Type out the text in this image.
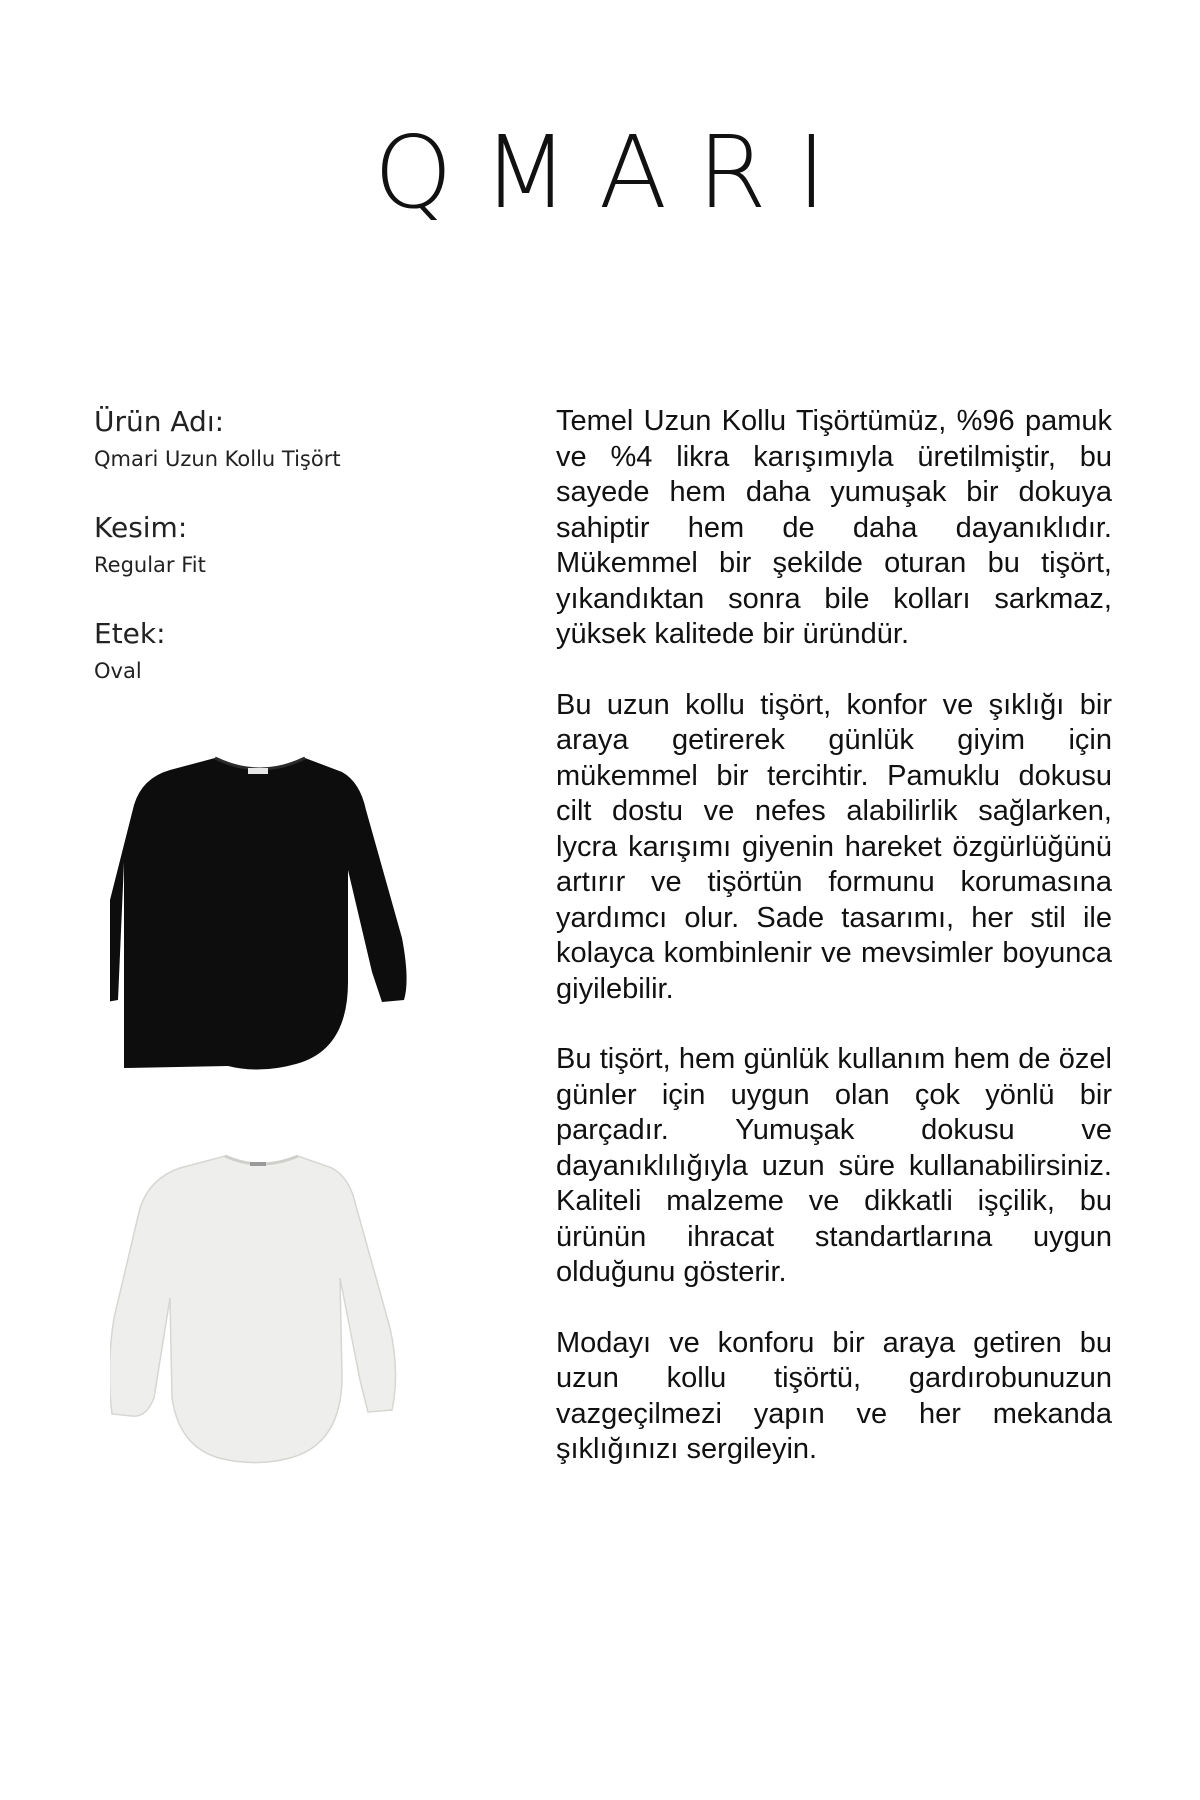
QMARI
Ürün Adı:
Qmari Uzun Kollu Tişört
Kesim:
Regular Fit
Etek:
Oval

Temel Uzun Kollu Tişörtümüz, %96 pamuk ve %4 likra karışımıyla üretilmiştir, bu sayede hem daha yumuşak bir dokuya sahiptir hem de daha dayanıklıdır. Mükemmel bir şekilde oturan bu tişört, yıkandıktan sonra bile kolları sarkmaz, yüksek kalitede bir üründür.

Bu uzun kollu tişört, konfor ve şıklığı bir araya getirerek günlük giyim için mükemmel bir tercihtir. Pamuklu dokusu cilt dostu ve nefes alabilirlik sağlarken, lycra karışımı giyenin hareket özgürlüğünü artırır ve tişörtün formunu korumasına yardımcı olur. Sade tasarımı, her stil ile kolayca kombinlenir ve mevsimler boyunca giyilebilir.

Bu tişört, hem günlük kullanım hem de özel günler için uygun olan çok yönlü bir parçadır. Yumuşak dokusu ve dayanıklılığıyla uzun süre kullanabilirsiniz. Kaliteli malzeme ve dikkatli işçilik, bu ürünün ihracat standartlarına uygun olduğunu gösterir.

Modayı ve konforu bir araya getiren bu uzun kollu tişörtü, gardırobunuzun vazgeçilmezi yapın ve her mekanda şıklığınızı sergileyin.
